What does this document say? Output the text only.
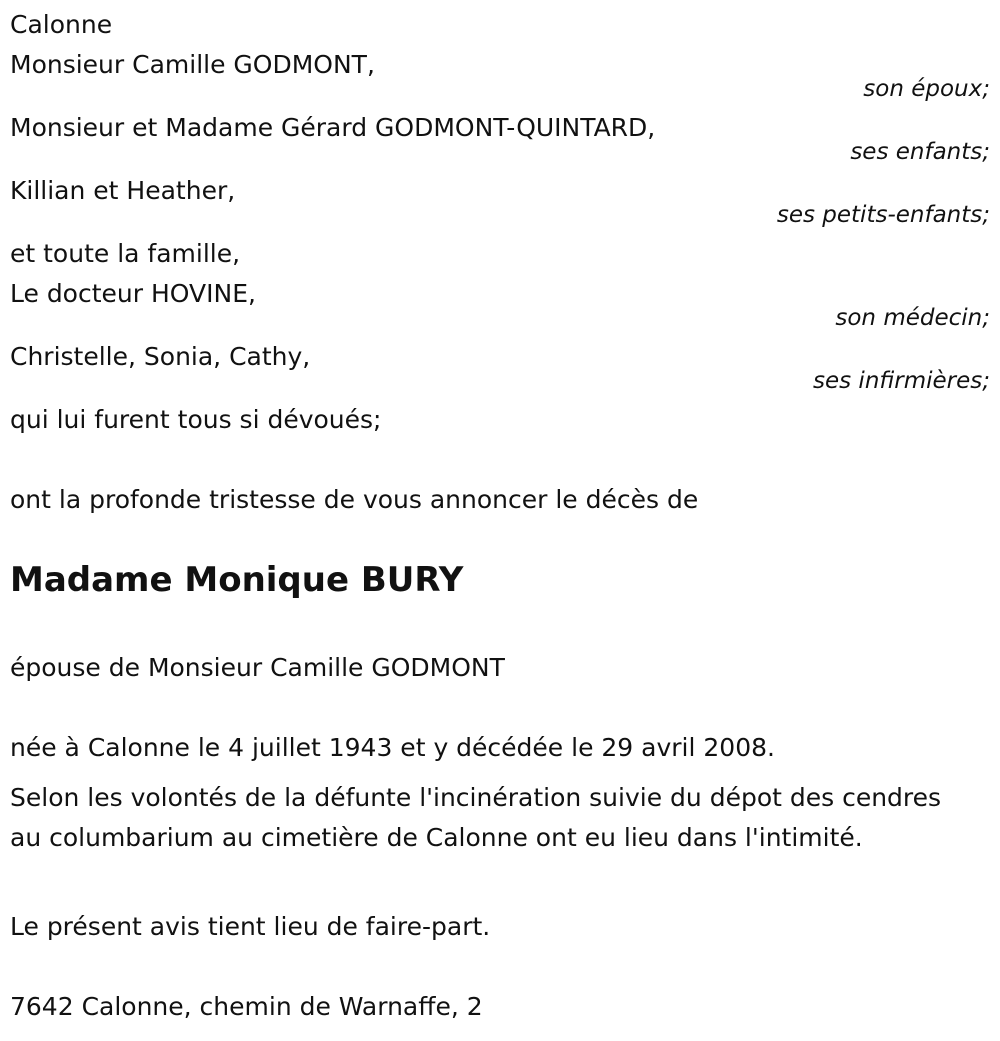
Calonne
Monsieur Camille GODMONT,
son époux;
Monsieur et Madame Gérard GODMONT-QUINTARD,
ses enfants;
Killian et Heather,
ses petits-enfants;
et toute la famille,
Le docteur HOVINE,
son médecin;
Christelle, Sonia, Cathy,
ses infirmières;
qui lui furent tous si dévoués;
ont la profonde tristesse de vous annoncer le décès de
Madame Monique BURY
épouse de Monsieur Camille GODMONT
née à Calonne le 4 juillet 1943 et y décédée le 29 avril 2008.
Selon les volontés de la défunte l'incinération suivie du dépot des cendres au columbarium au cimetière de Calonne ont eu lieu dans l'intimité.
Le présent avis tient lieu de faire-part.
7642 Calonne, chemin de Warnaffe, 2
